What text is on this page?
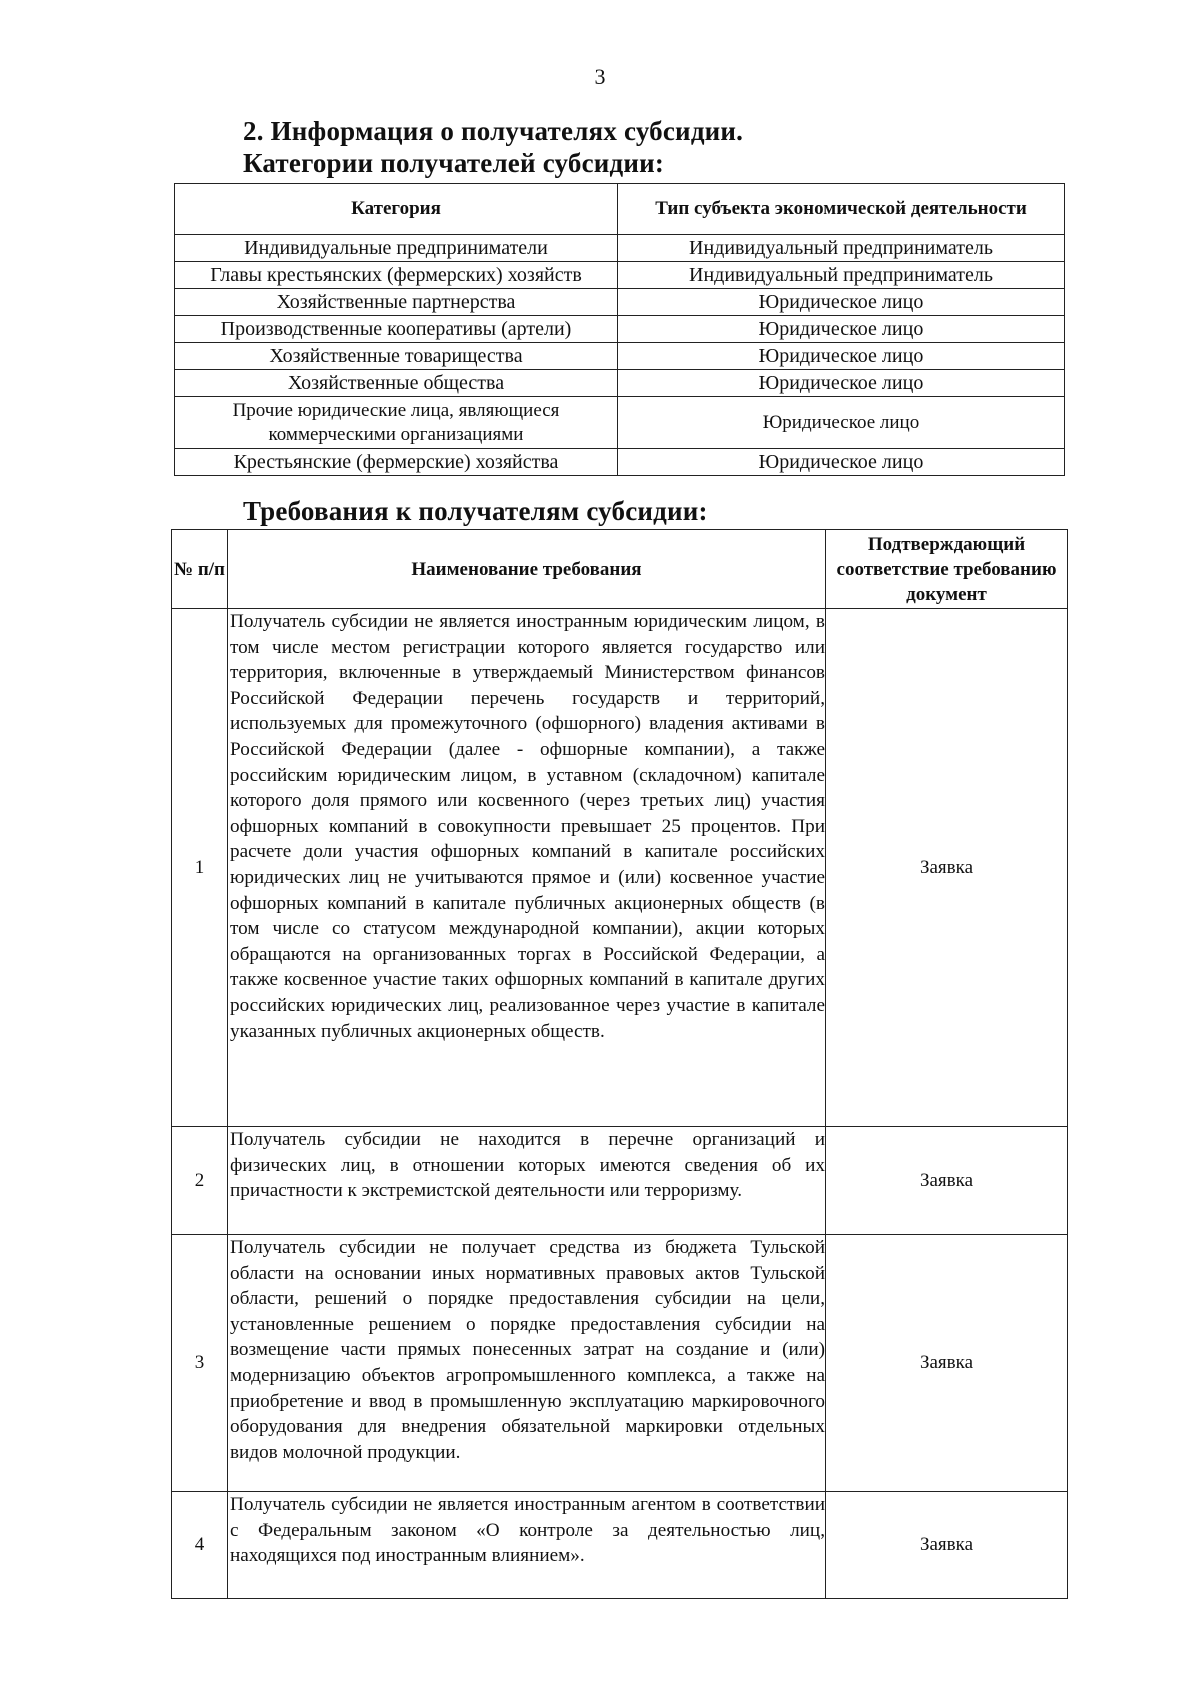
3
2. Информация о получателях субсидии.
Категории получателей субсидии:
Категория	Тип субъекта экономической деятельности
Индивидуальные предприниматели	Индивидуальный предприниматель
Главы крестьянских (фермерских) хозяйств	Индивидуальный предприниматель
Хозяйственные партнерства	Юридическое лицо
Производственные кооперативы (артели)	Юридическое лицо
Хозяйственные товарищества	Юридическое лицо
Хозяйственные общества	Юридическое лицо
Прочие юридические лица, являющиеся коммерческими организациями	Юридическое лицо
Крестьянские (фермерские) хозяйства	Юридическое лицо
Требования к получателям субсидии:
№ п/п	Наименование требования	Подтверждающий соответствие требованию документ
1	Получатель субсидии не является иностранным юридическим лицом, в том числе местом регистрации которого является государство или территория, включенные в утверждаемый Министерством финансов Российской Федерации перечень государств и территорий, используемых для промежуточного (офшорного) владения активами в Российской Федерации (далее - офшорные компании), а также российским юридическим лицом, в уставном (складочном) капитале которого доля прямого или косвенного (через третьих лиц) участия офшорных компаний в совокупности превышает 25 процентов. При расчете доли участия офшорных компаний в капитале российских юридических лиц не учитываются прямое и (или) косвенное участие офшорных компаний в капитале публичных акционерных обществ (в том числе со статусом международной компании), акции которых обращаются на организованных торгах в Российской Федерации, а также косвенное участие таких офшорных компаний в капитале других российских юридических лиц, реализованное через участие в капитале указанных публичных акционерных обществ.	Заявка
2	Получатель субсидии не находится в перечне организаций и физических лиц, в отношении которых имеются сведения об их причастности к экстремистской деятельности или терроризму.	Заявка
3	Получатель субсидии не получает средства из бюджета Тульской области на основании иных нормативных правовых актов Тульской области, решений о порядке предоставления субсидии на цели, установленные решением о порядке предоставления субсидии на возмещение части прямых понесенных затрат на создание и (или) модернизацию объектов агропромышленного комплекса, а также на приобретение и ввод в промышленную эксплуатацию маркировочного оборудования для внедрения обязательной маркировки отдельных видов молочной продукции.	Заявка
4	Получатель субсидии не является иностранным агентом в соответствии с Федеральным законом «О контроле за деятельностью лиц, находящихся под иностранным влиянием».	Заявка
